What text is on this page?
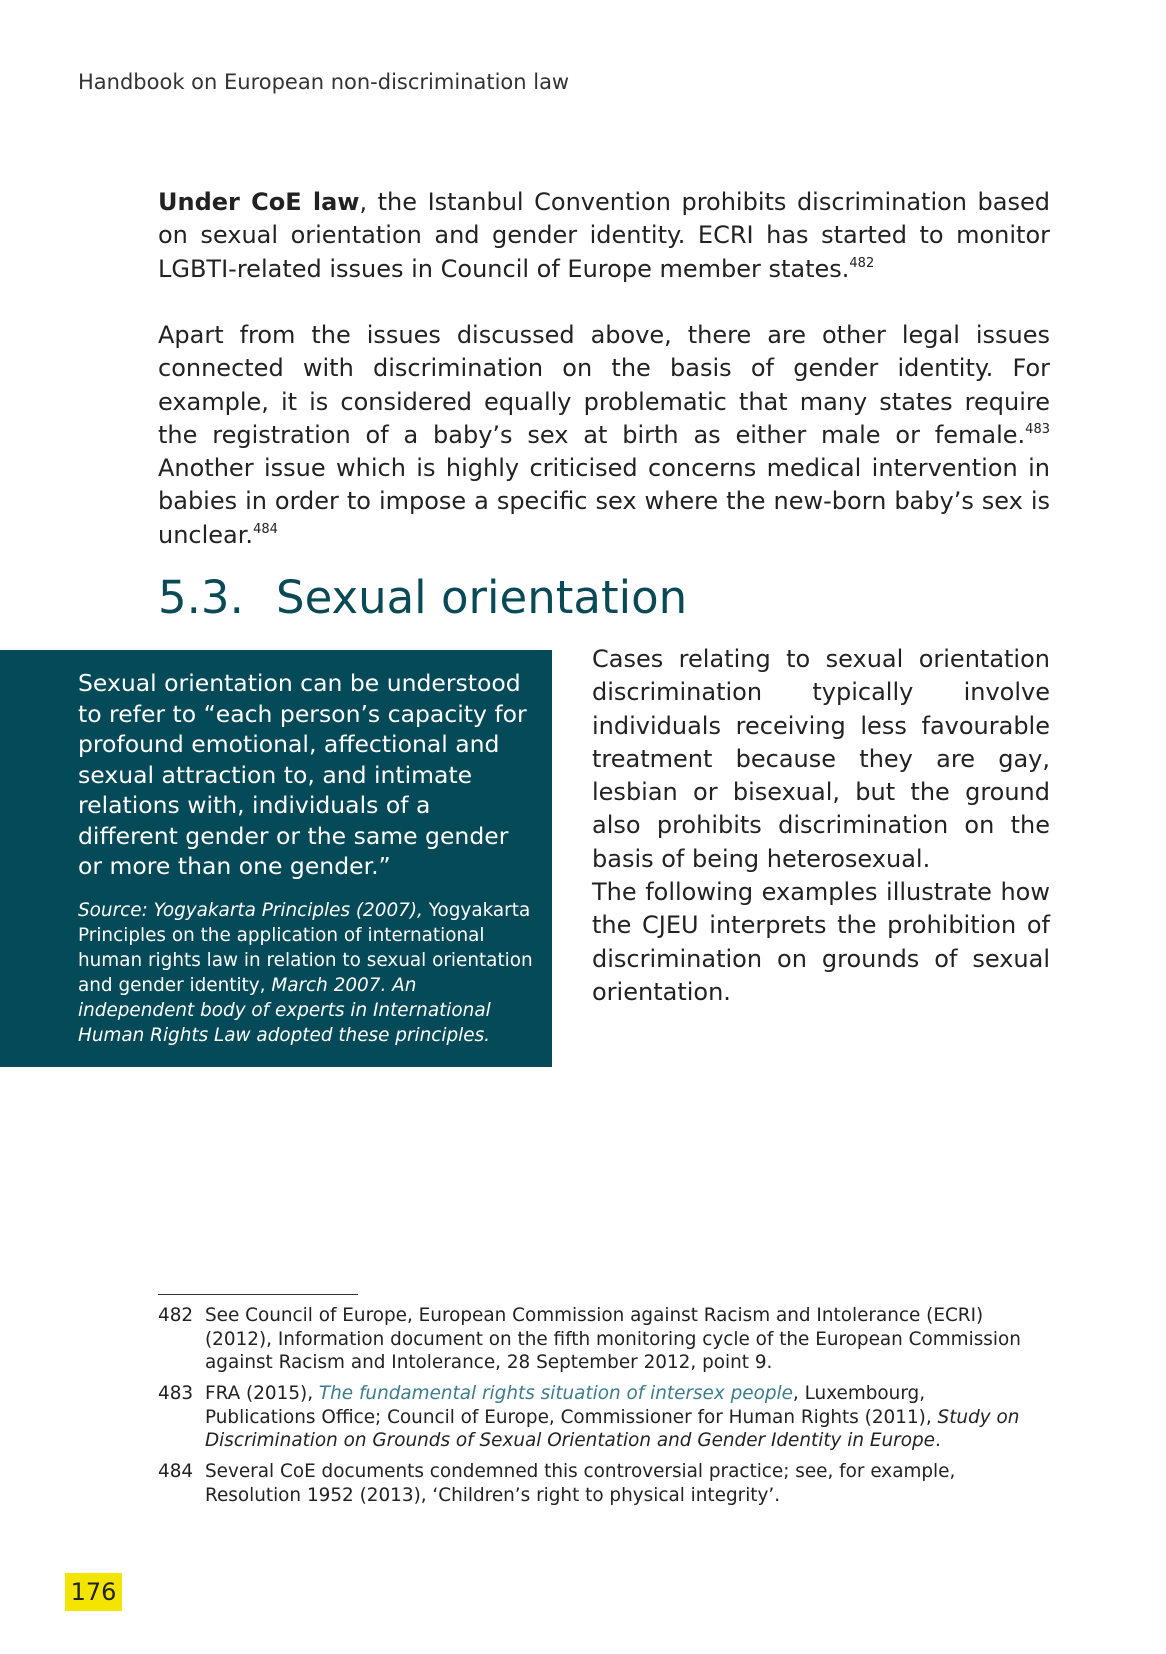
Handbook on European non-discrimination law

Under CoE law, the Istanbul Convention prohibits discrimination based on sexual orientation and gender identity. ECRI has started to monitor LGBTI-related issues in Council of Europe member states.$^{482}$

Apart from the issues discussed above, there are other legal issues connected with discrimination on the basis of gender identity. For example, it is considered equally problematic that many states require the registration of a baby’s sex at birth as either male or female.$^{483}$ Another issue which is highly criticised concerns medical intervention in babies in order to impose a specific sex where the new-born baby’s sex is unclear.$^{484}$

5.3. Sexual orientation

Sexual orientation can be understood to refer to “each person’s capacity for profound emotional, affectional and sexual attraction to, and intimate relations with, individuals of a different gender or the same gender or more than one gender.”

Source: Yogyakarta Principles (2007), Yogyakarta Principles on the application of international human rights law in relation to sexual orientation and gender identity, March 2007. An independent body of experts in International Human Rights Law adopted these principles.

Cases relating to sexual orientation discrimination typically involve individuals receiving less favourable treatment because they are gay, lesbian or bisexual, but the ground also prohibits discrimination on the basis of being heterosexual.

The following examples illustrate how the CJEU interprets the prohibition of discrimination on grounds of sexual orientation.

482 See Council of Europe, European Commission against Racism and Intolerance (ECRI) (2012), Information document on the fifth monitoring cycle of the European Commission against Racism and Intolerance, 28 September 2012, point 9.
483 FRA (2015), The fundamental rights situation of intersex people, Luxembourg, Publications Office; Council of Europe, Commissioner for Human Rights (2011), Study on Discrimination on Grounds of Sexual Orientation and Gender Identity in Europe.
484 Several CoE documents condemned this controversial practice; see, for example, Resolution 1952 (2013), ‘Children’s right to physical integrity’.
176
